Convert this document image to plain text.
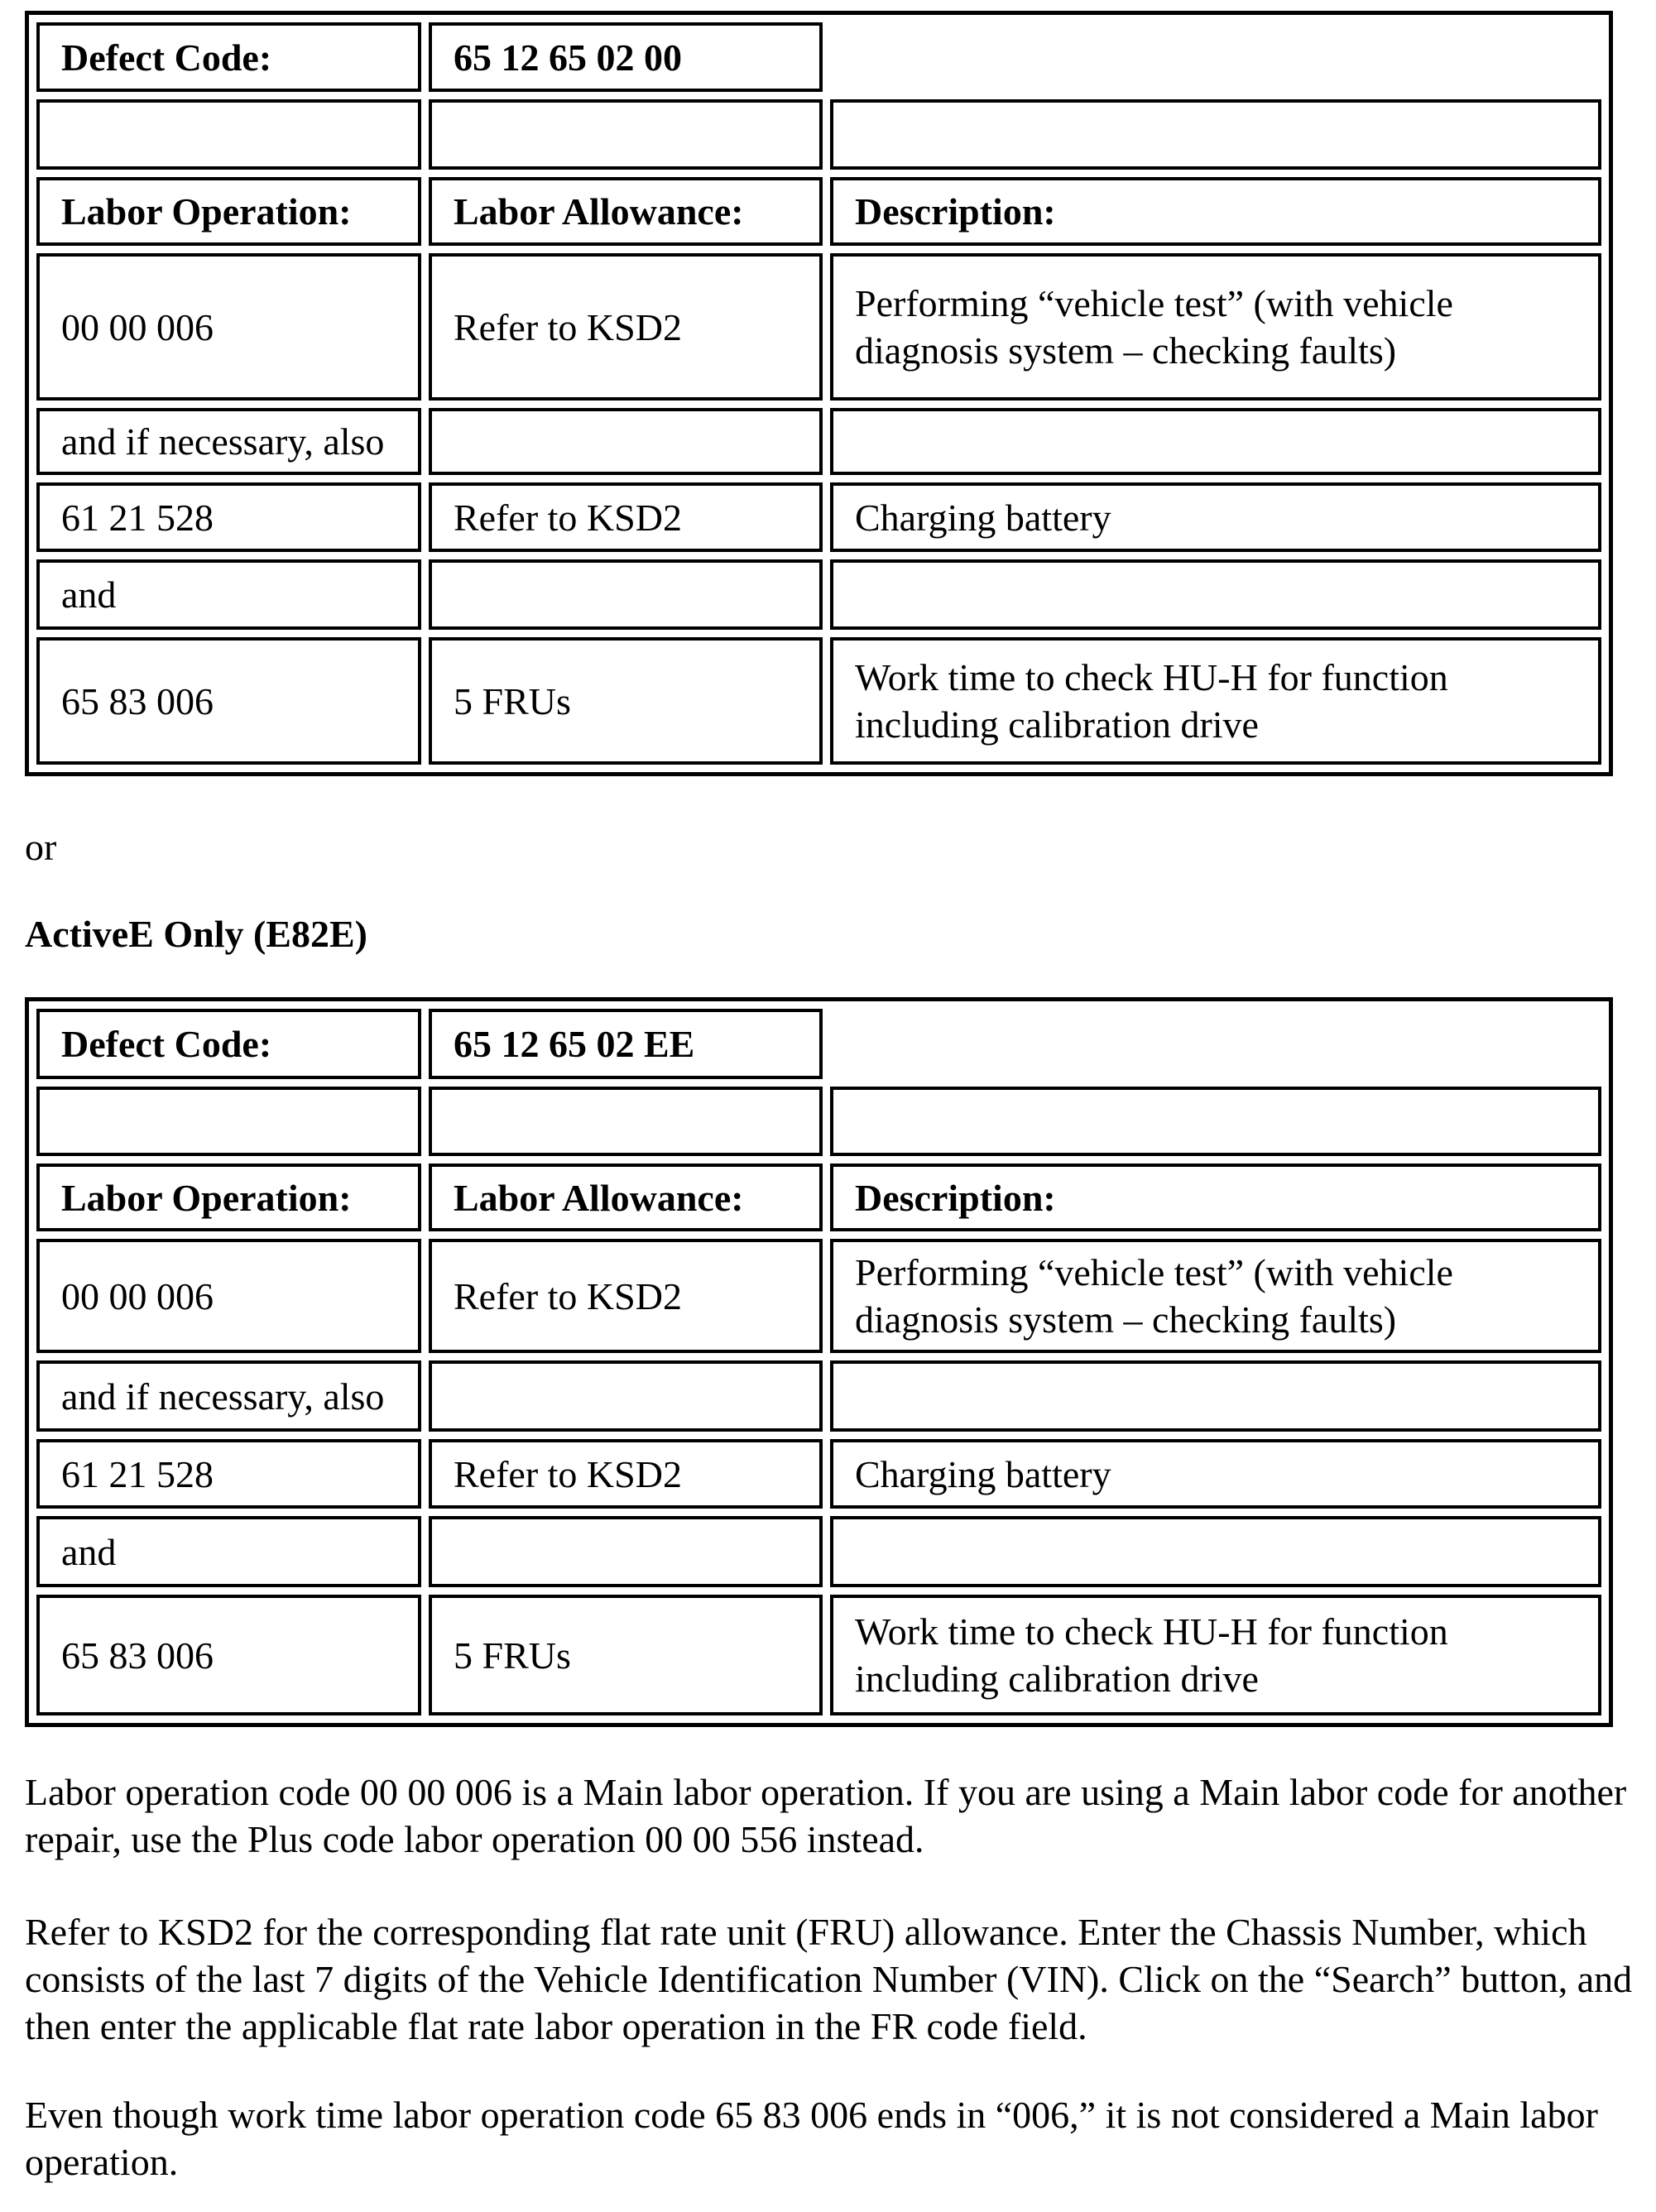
Defect Code:	65 12 65 02 00	

Labor Operation:	Labor Allowance:	Description:
00 00 006	Refer to KSD2	Performing “vehicle test” (with vehicle diagnosis system – checking faults)
and if necessary, also		
61 21 528	Refer to KSD2	Charging battery
and		
65 83 006	5 FRUs	Work time to check HU-H for function including calibration drive

or

ActiveE Only (E82E)

Defect Code:	65 12 65 02 EE	

Labor Operation:	Labor Allowance:	Description:
00 00 006	Refer to KSD2	Performing “vehicle test” (with vehicle diagnosis system – checking faults)
and if necessary, also		
61 21 528	Refer to KSD2	Charging battery
and		
65 83 006	5 FRUs	Work time to check HU-H for function including calibration drive

Labor operation code 00 00 006 is a Main labor operation. If you are using a Main labor code for another repair, use the Plus code labor operation 00 00 556 instead.

Refer to KSD2 for the corresponding flat rate unit (FRU) allowance. Enter the Chassis Number, which consists of the last 7 digits of the Vehicle Identification Number (VIN). Click on the “Search” button, and then enter the applicable flat rate labor operation in the FR code field.

Even though work time labor operation code 65 83 006 ends in “006,” it is not considered a Main labor operation.
